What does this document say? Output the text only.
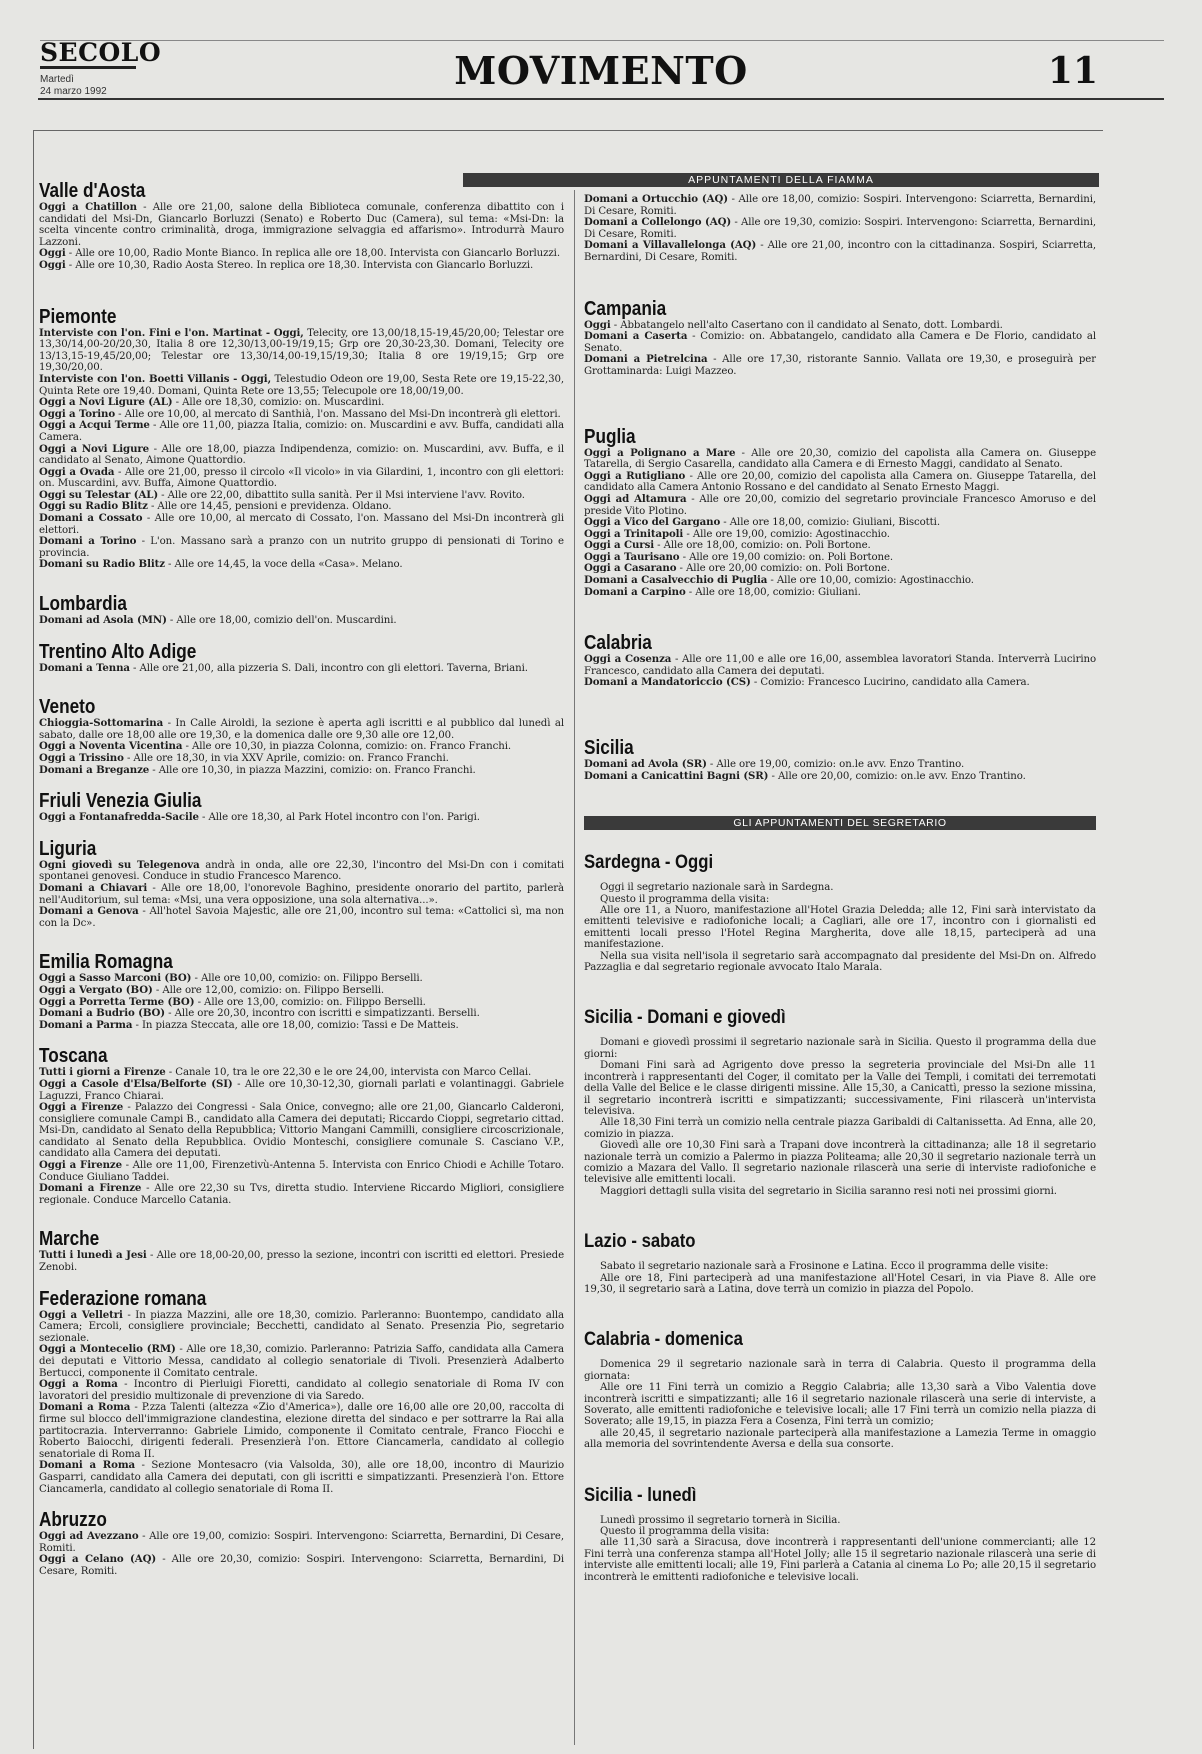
SECOLO
Martedì
24 marzo 1992	MOVIMENTO	11
APPUNTAMENTI DELLA FIAMMA
Valle d'Aosta

Oggi a Chatillon - Alle ore 21,00, salone della Biblioteca comunale, conferenza dibattito con i candidati del Msi-Dn, Giancarlo Borluzzi (Senato) e Roberto Duc (Camera), sul tema: «Msi-Dn: la scelta vincente contro criminalità, droga, immigrazione selvaggia ed affarismo». Introdurrà Mauro Lazzoni.

Oggi - Alle ore 10,00, Radio Monte Bianco. In replica alle ore 18,00. Intervista con Giancarlo Borluzzi.

Oggi - Alle ore 10,30, Radio Aosta Stereo. In replica ore 18,30. Intervista con Giancarlo Borluzzi.

Piemonte

Interviste con l'on. Fini e l'on. Martinat - Oggi, Telecity, ore 13,00/18,15-19,45/20,00; Telestar ore 13,30/14,00-20/20,30, Italia 8 ore 12,30/13,00-19/19,15; Grp ore 20,30-23,30. Domani, Telecity ore 13/13,15-19,45/20,00; Telestar ore 13,30/14,00-19,15/19,30; Italia 8 ore 19/19,15; Grp ore 19,30/20,00.

Interviste con l'on. Boetti Villanis - Oggi, Telestudio Odeon ore 19,00, Sesta Rete ore 19,15-22,30, Quinta Rete ore 19,40. Domani, Quinta Rete ore 13,55; Telecupole ore 18,00/19,00.

Oggi a Novi Ligure (AL) - Alle ore 18,30, comizio: on. Muscardini.

Oggi a Torino - Alle ore 10,00, al mercato di Santhià, l'on. Massano del Msi-Dn incontrerà gli elettori.

Oggi a Acqui Terme - Alle ore 11,00, piazza Italia, comizio: on. Muscardini e avv. Buffa, candidati alla Camera.

Oggi a Novi Ligure - Alle ore 18,00, piazza Indipendenza, comizio: on. Muscardini, avv. Buffa, e il candidato al Senato, Aimone Quattordio.

Oggi a Ovada - Alle ore 21,00, presso il circolo «Il vicolo» in via Gilardini, 1, incontro con gli elettori: on. Muscardini, avv. Buffa, Aimone Quattordio.

Oggi su Telestar (AL) - Alle ore 22,00, dibattito sulla sanità. Per il Msi interviene l'avv. Rovito.

Oggi su Radio Blitz - Alle ore 14,45, pensioni e previdenza. Oldano.

Domani a Cossato - Alle ore 10,00, al mercato di Cossato, l'on. Massano del Msi-Dn incontrerà gli elettori.

Domani a Torino - L'on. Massano sarà a pranzo con un nutrito gruppo di pensionati di Torino e provincia.

Domani su Radio Blitz - Alle ore 14,45, la voce della «Casa». Melano.

Lombardia

Domani ad Asola (MN) - Alle ore 18,00, comizio dell'on. Muscardini.

Trentino Alto Adige

Domani a Tenna - Alle ore 21,00, alla pizzeria S. Dali, incontro con gli elettori. Taverna, Briani.

Veneto

Chioggia-Sottomarina - In Calle Airoldi, la sezione è aperta agli iscritti e al pubblico dal lunedì al sabato, dalle ore 18,00 alle ore 19,30, e la domenica dalle ore 9,30 alle ore 12,00.

Oggi a Noventa Vicentina - Alle ore 10,30, in piazza Colonna, comizio: on. Franco Franchi.

Oggi a Trissino - Alle ore 18,30, in via XXV Aprile, comizio: on. Franco Franchi.

Domani a Breganze - Alle ore 10,30, in piazza Mazzini, comizio: on. Franco Franchi.

Friuli Venezia Giulia

Oggi a Fontanafredda-Sacile - Alle ore 18,30, al Park Hotel incontro con l'on. Parigi.

Liguria

Ogni giovedì su Telegenova andrà in onda, alle ore 22,30, l'incontro del Msi-Dn con i comitati spontanei genovesi. Conduce in studio Francesco Marenco.

Domani a Chiavari - Alle ore 18,00, l'onorevole Baghino, presidente onorario del partito, parlerà nell'Auditorium, sul tema: «Msi, una vera opposizione, una sola alternativa...».

Domani a Genova - All'hotel Savoia Majestic, alle ore 21,00, incontro sul tema: «Cattolici sì, ma non con la Dc».

Emilia Romagna

Oggi a Sasso Marconi (BO) - Alle ore 10,00, comizio: on. Filippo Berselli.

Oggi a Vergato (BO) - Alle ore 12,00, comizio: on. Filippo Berselli.

Oggi a Porretta Terme (BO) - Alle ore 13,00, comizio: on. Filippo Berselli.

Domani a Budrio (BO) - Alle ore 20,30, incontro con iscritti e simpatizzanti. Berselli.

Domani a Parma - In piazza Steccata, alle ore 18,00, comizio: Tassi e De Matteis.

Toscana

Tutti i giorni a Firenze - Canale 10, tra le ore 22,30 e le ore 24,00, intervista con Marco Cellai.

Oggi a Casole d'Elsa/Belforte (SI) - Alle ore 10,30-12,30, giornali parlati e volantinaggi. Gabriele Laguzzi, Franco Chiarai.

Oggi a Firenze - Palazzo dei Congressi - Sala Onice, convegno; alle ore 21,00, Giancarlo Calderoni, consigliere comunale Campi B., candidato alla Camera dei deputati; Riccardo Cioppi, segretario cittad. Msi-Dn, candidato al Senato della Repubblica; Vittorio Mangani Cammilli, consigliere circoscrizionale, candidato al Senato della Repubblica. Ovidio Monteschi, consigliere comunale S. Casciano V.P., candidato alla Camera dei deputati.

Oggi a Firenze - Alle ore 11,00, Firenzetivù-Antenna 5. Intervista con Enrico Chiodi e Achille Totaro. Conduce Giuliano Taddei.

Domani a Firenze - Alle ore 22,30 su Tvs, diretta studio. Interviene Riccardo Migliori, consigliere regionale. Conduce Marcello Catania.

Marche

Tutti i lunedì a Jesi - Alle ore 18,00-20,00, presso la sezione, incontri con iscritti ed elettori. Presiede Zenobi.

Federazione romana

Oggi a Velletri - In piazza Mazzini, alle ore 18,30, comizio. Parleranno: Buontempo, candidato alla Camera; Ercoli, consigliere provinciale; Becchetti, candidato al Senato. Presenzia Pio, segretario sezionale.

Oggi a Montecelio (RM) - Alle ore 18,30, comizio. Parleranno: Patrizia Saffo, candidata alla Camera dei deputati e Vittorio Messa, candidato al collegio senatoriale di Tivoli. Presenzierà Adalberto Bertucci, componente il Comitato centrale.

Oggi a Roma - Incontro di Pierluigi Fioretti, candidato al collegio senatoriale di Roma IV con lavoratori del presidio multizonale di prevenzione di via Saredo.

Domani a Roma - P.zza Talenti (altezza «Zio d'America»), dalle ore 16,00 alle ore 20,00, raccolta di firme sul blocco dell'immigrazione clandestina, elezione diretta del sindaco e per sottrarre la Rai alla partitocrazia. Interverranno: Gabriele Limido, componente il Comitato centrale, Franco Fiocchi e Roberto Baiocchi, dirigenti federali. Presenzierà l'on. Ettore Ciancamerla, candidato al collegio senatoriale di Roma II.

Domani a Roma - Sezione Montesacro (via Valsolda, 30), alle ore 18,00, incontro di Maurizio Gasparri, candidato alla Camera dei deputati, con gli iscritti e simpatizzanti. Presenzierà l'on. Ettore Ciancamerla, candidato al collegio senatoriale di Roma II.

Abruzzo

Oggi ad Avezzano - Alle ore 19,00, comizio: Sospiri. Intervengono: Sciarretta, Bernardini, Di Cesare, Romiti.

Oggi a Celano (AQ) - Alle ore 20,30, comizio: Sospiri. Intervengono: Sciarretta, Bernardini, Di Cesare, Romiti.

Domani a Ortucchio (AQ) - Alle ore 18,00, comizio: Sospiri. Intervengono: Sciarretta, Bernardini, Di Cesare, Romiti.

Domani a Collelongo (AQ) - Alle ore 19,30, comizio: Sospiri. Intervengono: Sciarretta, Bernardini, Di Cesare, Romiti.

Domani a Villavallelonga (AQ) - Alle ore 21,00, incontro con la cittadinanza. Sospiri, Sciarretta, Bernardini, Di Cesare, Romiti.

Campania

Oggi - Abbatangelo nell'alto Casertano con il candidato al Senato, dott. Lombardi.

Domani a Caserta - Comizio: on. Abbatangelo, candidato alla Camera e De Florio, candidato al Senato.

Domani a Pietrelcina - Alle ore 17,30, ristorante Sannio. Vallata ore 19,30, e proseguirà per Grottaminarda: Luigi Mazzeo.

Puglia

Oggi a Polignano a Mare - Alle ore 20,30, comizio del capolista alla Camera on. Giuseppe Tatarella, di Sergio Casarella, candidato alla Camera e di Ernesto Maggi, candidato al Senato.

Oggi a Rutigliano - Alle ore 20,00, comizio del capolista alla Camera on. Giuseppe Tatarella, del candidato alla Camera Antonio Rossano e del candidato al Senato Ernesto Maggi.

Oggi ad Altamura - Alle ore 20,00, comizio del segretario provinciale Francesco Amoruso e del preside Vito Plotino.

Oggi a Vico del Gargano - Alle ore 18,00, comizio: Giuliani, Biscotti.

Oggi a Trinitapoli - Alle ore 19,00, comizio: Agostinacchio.

Oggi a Cursi - Alle ore 18,00, comizio: on. Poli Bortone.

Oggi a Taurisano - Alle ore 19,00 comizio: on. Poli Bortone.

Oggi a Casarano - Alle ore 20,00 comizio: on. Poli Bortone.

Domani a Casalvecchio di Puglia - Alle ore 10,00, comizio: Agostinacchio.

Domani a Carpino - Alle ore 18,00, comizio: Giuliani.

Calabria

Oggi a Cosenza - Alle ore 11,00 e alle ore 16,00, assemblea lavoratori Standa. Interverrà Lucirino Francesco, candidato alla Camera dei deputati.

Domani a Mandatoriccio (CS) - Comizio: Francesco Lucirino, candidato alla Camera.

Sicilia

Domani ad Avola (SR) - Alle ore 19,00, comizio: on.le avv. Enzo Trantino.

Domani a Canicattini Bagni (SR) - Alle ore 20,00, comizio: on.le avv. Enzo Trantino.

GLI APPUNTAMENTI DEL SEGRETARIO
Sardegna - Oggi

Oggi il segretario nazionale sarà in Sardegna.

Questo il programma della visita:

Alle ore 11, a Nuoro, manifestazione all'Hotel Grazia Deledda; alle 12, Fini sarà intervistato da emittenti televisive e radiofoniche locali; a Cagliari, alle ore 17, incontro con i giornalisti ed emittenti locali presso l'Hotel Regina Margherita, dove alle 18,15, parteciperà ad una manifestazione.

Nella sua visita nell'isola il segretario sarà accompagnato dal presidente del Msi-Dn on. Alfredo Pazzaglia e dal segretario regionale avvocato Italo Marala.

Sicilia - Domani e giovedì

Domani e giovedì prossimi il segretario nazionale sarà in Sicilia. Questo il programma della due giorni:

Domani Fini sarà ad Agrigento dove presso la segreteria provinciale del Msi-Dn alle 11 incontrerà i rappresentanti del Coger, il comitato per la Valle dei Templi, i comitati dei terremotati della Valle del Belice e le classe dirigenti missine. Alle 15,30, a Canicattì, presso la sezione missina, il segretario incontrerà iscritti e simpatizzanti; successivamente, Fini rilascerà un'intervista televisiva.

Alle 18,30 Fini terrà un comizio nella centrale piazza Garibaldi di Caltanissetta. Ad Enna, alle 20, comizio in piazza.

Giovedì alle ore 10,30 Fini sarà a Trapani dove incontrerà la cittadinanza; alle 18 il segretario nazionale terrà un comizio a Palermo in piazza Politeama; alle 20,30 il segretario nazionale terrà un comizio a Mazara del Vallo. Il segretario nazionale rilascerà una serie di interviste radiofoniche e televisive alle emittenti locali.

Maggiori dettagli sulla visita del segretario in Sicilia saranno resi noti nei prossimi giorni.

Lazio - sabato

Sabato il segretario nazionale sarà a Frosinone e Latina. Ecco il programma delle visite:

Alle ore 18, Fini parteciperà ad una manifestazione all'Hotel Cesari, in via Piave 8. Alle ore 19,30, il segretario sarà a Latina, dove terrà un comizio in piazza del Popolo.

Calabria - domenica

Domenica 29 il segretario nazionale sarà in terra di Calabria. Questo il programma della giornata:

Alle ore 11 Fini terrà un comizio a Reggio Calabria; alle 13,30 sarà a Vibo Valentia dove incontrerà iscritti e simpatizzanti; alle 16 il segretario nazionale rilascerà una serie di interviste, a Soverato, alle emittenti radiofoniche e televisive locali; alle 17 Fini terrà un comizio nella piazza di Soverato; alle 19,15, in piazza Fera a Cosenza, Fini terrà un comizio;

alle 20,45, il segretario nazionale parteciperà alla manifestazione a Lamezia Terme in omaggio alla memoria del sovrintendente Aversa e della sua consorte.

Sicilia - lunedì

Lunedì prossimo il segretario tornerà in Sicilia.

Questo il programma della visita:

alle 11,30 sarà a Siracusa, dove incontrerà i rappresentanti dell'unione commercianti; alle 12 Fini terrà una conferenza stampa all'Hotel Jolly; alle 15 il segretario nazionale rilascerà una serie di interviste alle emittenti locali; alle 19, Fini parlerà a Catania al cinema Lo Po; alle 20,15 il segretario incontrerà le emittenti radiofoniche e televisive locali.
